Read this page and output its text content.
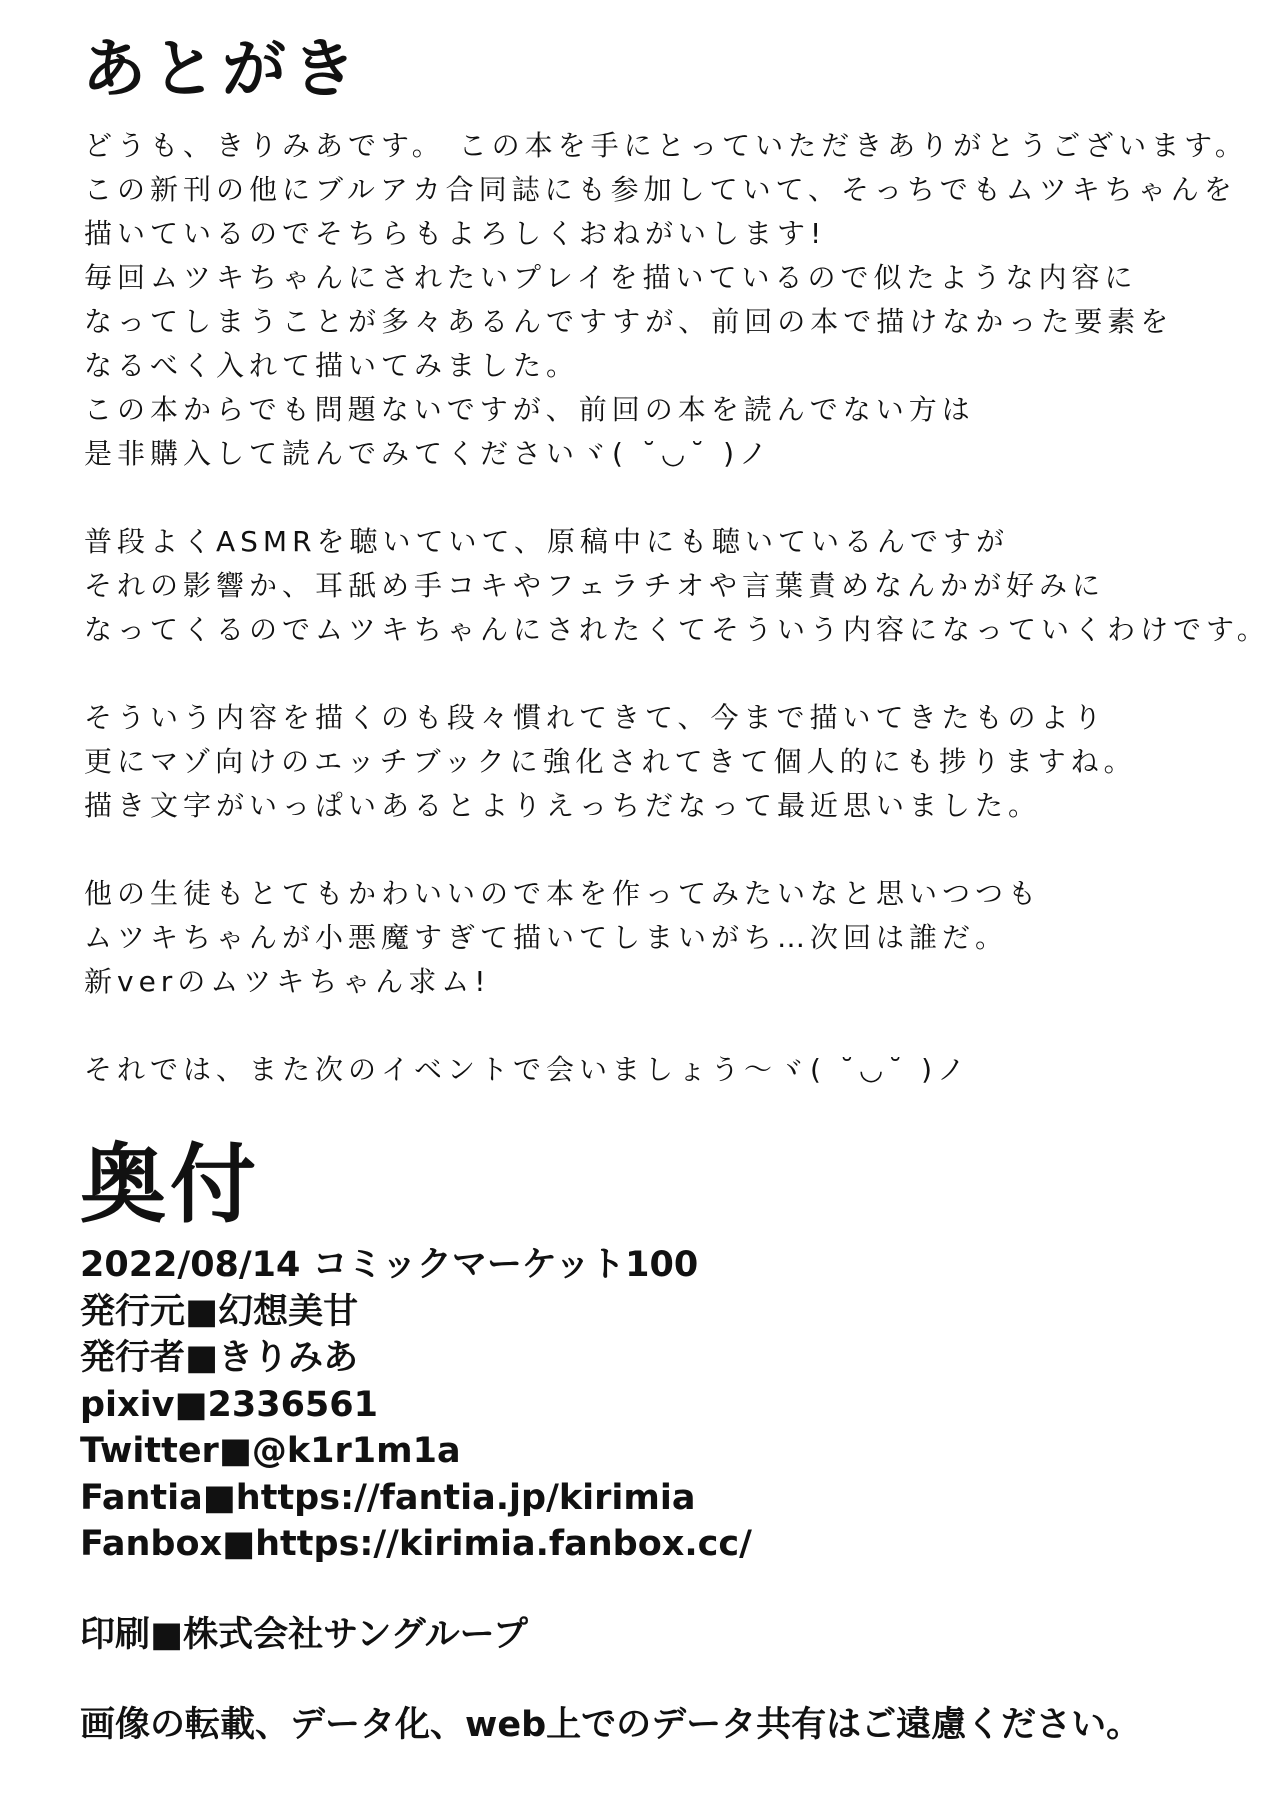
あとがき
どうも、きりみあです。 この本を手にとっていただきありがとうございます。
この新刊の他にブルアカ合同誌にも参加していて、そっちでもムツキちゃんを
描いているのでそちらもよろしくおねがいします!
毎回ムツキちゃんにされたいプレイを描いているので似たような内容に
なってしまうことが多々あるんですすが、前回の本で描けなかった要素を
なるべく入れて描いてみました。
この本からでも問題ないですが、前回の本を読んでない方は
是非購入して読んでみてくださいヾ( ˘◡˘ )ノ
普段よくASMRを聴いていて、原稿中にも聴いているんですが
それの影響か、耳舐め手コキやフェラチオや言葉責めなんかが好みに
なってくるのでムツキちゃんにされたくてそういう内容になっていくわけです。
そういう内容を描くのも段々慣れてきて、今まで描いてきたものより
更にマゾ向けのエッチブックに強化されてきて個人的にも捗りますね。
描き文字がいっぱいあるとよりえっちだなって最近思いました。
他の生徒もとてもかわいいので本を作ってみたいなと思いつつも
ムツキちゃんが小悪魔すぎて描いてしまいがち…次回は誰だ。
新verのムツキちゃん求ム!
それでは、また次のイベントで会いましょう〜ヾ( ˘◡˘ )ノ
奥付
2022/08/14 コミックマーケット100
発行元■幻想美甘
発行者■きりみあ
pixiv■2336561
Twitter■@k1r1m1a
Fantia■https://fantia.jp/kirimia
Fanbox■https://kirimia.fanbox.cc/
印刷■株式会社サングループ
画像の転載、データ化、web上でのデータ共有はご遠慮ください。
